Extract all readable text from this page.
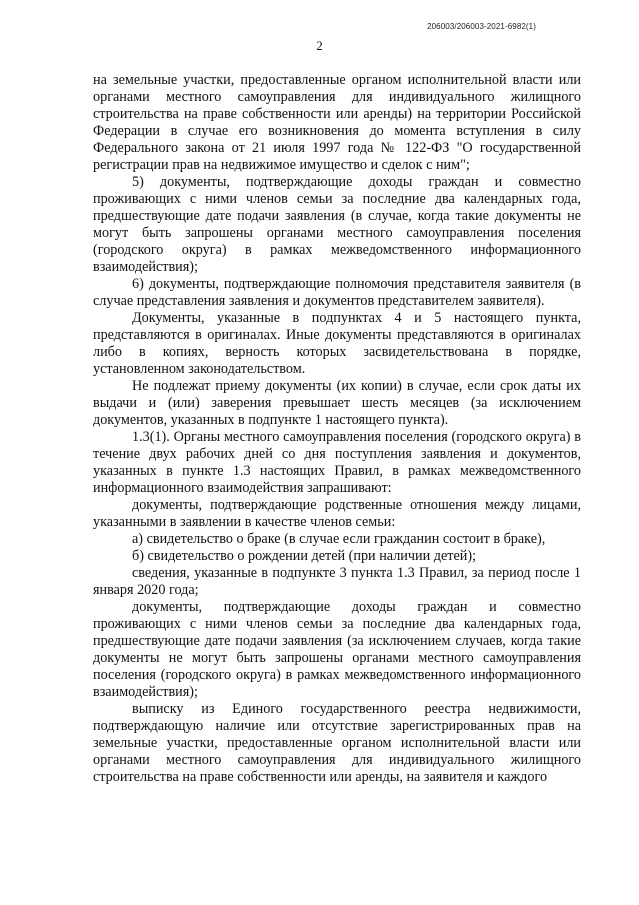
206003/206003-2021-6982(1)
2

на земельные участки, предоставленные органом исполнительной власти или органами местного самоуправления для индивидуального жилищного строительства на праве собственности или аренды) на территории Российской Федерации в случае его возникновения до момента вступления в силу Федерального закона от 21 июля 1997 года № 122-ФЗ "О государственной регистрации прав на недвижимое имущество и сделок с ним";

5) документы, подтверждающие доходы граждан и совместно проживающих с ними членов семьи за последние два календарных года, предшествующие дате подачи заявления (в случае, когда такие документы не могут быть запрошены органами местного самоуправления поселения (городского округа) в рамках межведомственного информационного взаимодействия);

6) документы, подтверждающие полномочия представителя заявителя (в случае представления заявления и документов представителем заявителя).

Документы, указанные в подпунктах 4 и 5 настоящего пункта, представляются в оригиналах. Иные документы представляются в оригиналах либо в копиях, верность которых засвидетельствована в порядке, установленном законодательством.

Не подлежат приему документы (их копии) в случае, если срок даты их выдачи и (или) заверения превышает шесть месяцев (за исключением документов, указанных в подпункте 1 настоящего пункта).

1.3(1). Органы местного самоуправления поселения (городского округа) в течение двух рабочих дней со дня поступления заявления и документов, указанных в пункте 1.3 настоящих Правил, в рамках межведомственного информационного взаимодействия запрашивают:

документы, подтверждающие родственные отношения между лицами, указанными в заявлении в качестве членов семьи:

а) свидетельство о браке (в случае если гражданин состоит в браке),

б) свидетельство о рождении детей (при наличии детей);

сведения, указанные в подпункте 3 пункта 1.3 Правил, за период после 1 января 2020 года;

документы, подтверждающие доходы граждан и совместно проживающих с ними членов семьи за последние два календарных года, предшествующие дате подачи заявления (за исключением случаев, когда такие документы не могут быть запрошены органами местного самоуправления поселения (городского округа) в рамках межведомственного информационного взаимодействия);

выписку из Единого государственного реестра недвижимости, подтверждающую наличие или отсутствие зарегистрированных прав на земельные участки, предоставленные органом исполнительной власти или органами местного самоуправления для индивидуального жилищного строительства на праве собственности или аренды, на заявителя и каждого
